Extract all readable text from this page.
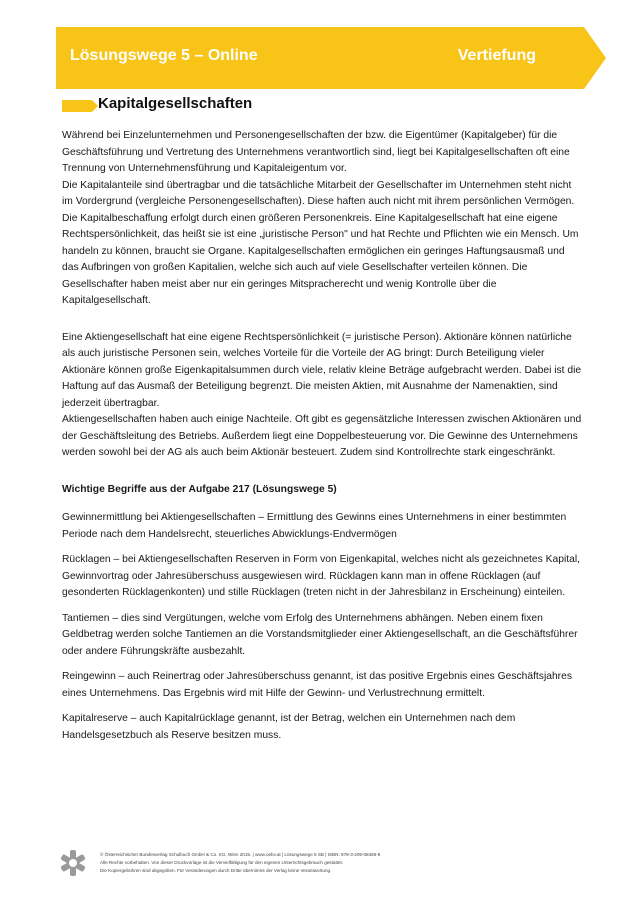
Lösungswege 5 – Online	Vertiefung
Kapitalgesellschaften

Während bei Einzelunternehmen und Personengesellschaften der bzw. die Eigentümer (Kapitalgeber) für die Geschäftsführung und Vertretung des Unternehmens verantwortlich sind, liegt bei Kapitalgesellschaften oft eine Trennung von Unternehmensführung und Kapitaleigentum vor.

Die Kapitalanteile sind übertragbar und die tatsächliche Mitarbeit der Gesellschafter im Unternehmen steht nicht im Vordergrund (vergleiche Personengesellschaften). Diese haften auch nicht mit ihrem persönlichen Vermögen. Die Kapitalbeschaffung erfolgt durch einen größeren Personenkreis. Eine Kapitalgesellschaft hat eine eigene Rechtspersönlichkeit, das heißt sie ist eine „juristische Person" und hat Rechte und Pflichten wie ein Mensch. Um handeln zu können, braucht sie Organe. Kapitalgesellschaften ermöglichen ein geringes Haftungsausmaß und das Aufbringen von großen Kapitalien, welche sich auch auf viele Gesellschafter verteilen können. Die Gesellschafter haben meist aber nur ein geringes Mitspracherecht und wenig Kontrolle über die Kapitalgesellschaft.

Eine Aktiengesellschaft hat eine eigene Rechtspersönlichkeit (= juristische Person). Aktionäre können natürliche als auch juristische Personen sein, welches Vorteile für die Vorteile der AG bringt: Durch Beteiligung vieler Aktionäre können große Eigenkapitalsummen durch viele, relativ kleine Beträge aufgebracht werden. Dabei ist die Haftung auf das Ausmaß der Beteiligung begrenzt. Die meisten Aktien, mit Ausnahme der Namenaktien, sind jederzeit übertragbar.

Aktiengesellschaften haben auch einige Nachteile. Oft gibt es gegensätzliche Interessen zwischen Aktionären und der Geschäftsleitung des Betriebs. Außerdem liegt eine Doppelbesteuerung vor. Die Gewinne des Unternehmens werden sowohl bei der AG als auch beim Aktionär besteuert. Zudem sind Kontrollrechte stark eingeschränkt.

Wichtige Begriffe aus der Aufgabe 217 (Lösungswege 5)

Gewinnermittlung bei Aktiengesellschaften – Ermittlung des Gewinns eines Unternehmens in einer bestimmten Periode nach dem Handelsrecht, steuerliches Abwicklungs-Endvermögen

Rücklagen – bei Aktiengesellschaften Reserven in Form von Eigenkapital, welches nicht als gezeichnetes Kapital, Gewinnvortrag oder Jahresüberschuss ausgewiesen wird. Rücklagen kann man in offene Rücklagen (auf gesonderten Rücklagenkonten) und stille Rücklagen (treten nicht in der Jahresbilanz in Erscheinung) einteilen.

Tantiemen – dies sind Vergütungen, welche vom Erfolg des Unternehmens abhängen. Neben einem fixen Geldbetrag werden solche Tantiemen an die Vorstandsmitglieder einer Aktiengesellschaft, an die Geschäftsführer oder andere Führungskräfte ausbezahlt.

Reingewinn – auch Reinertrag oder Jahresüberschuss genannt, ist das positive Ergebnis eines Geschäftsjahres eines Unternehmens. Das Ergebnis wird mit Hilfe der Gewinn- und Verlustrechnung ermittelt.

Kapitalreserve – auch Kapitalrücklage genannt, ist der Betrag, welchen ein Unternehmen nach dem Handelsgesetzbuch als Reserve besitzen muss.

© Österreichischer Bundesverlag Schulbuch GmbH & Co. KG, Wien 2015. | www.oebv.at | Lösungswege 5 SB | ISBN: 978-3-209-08466-8
Alle Rechte vorbehalten. Von dieser Druckvorlage ist die Vervielfältigung für den eigenen Unterrichtsgebrauch gestattet.
Die Kopiergebühren sind abgegolten. Für Veränderungen durch Dritte übernimmt der Verlag keine Verantwortung.
